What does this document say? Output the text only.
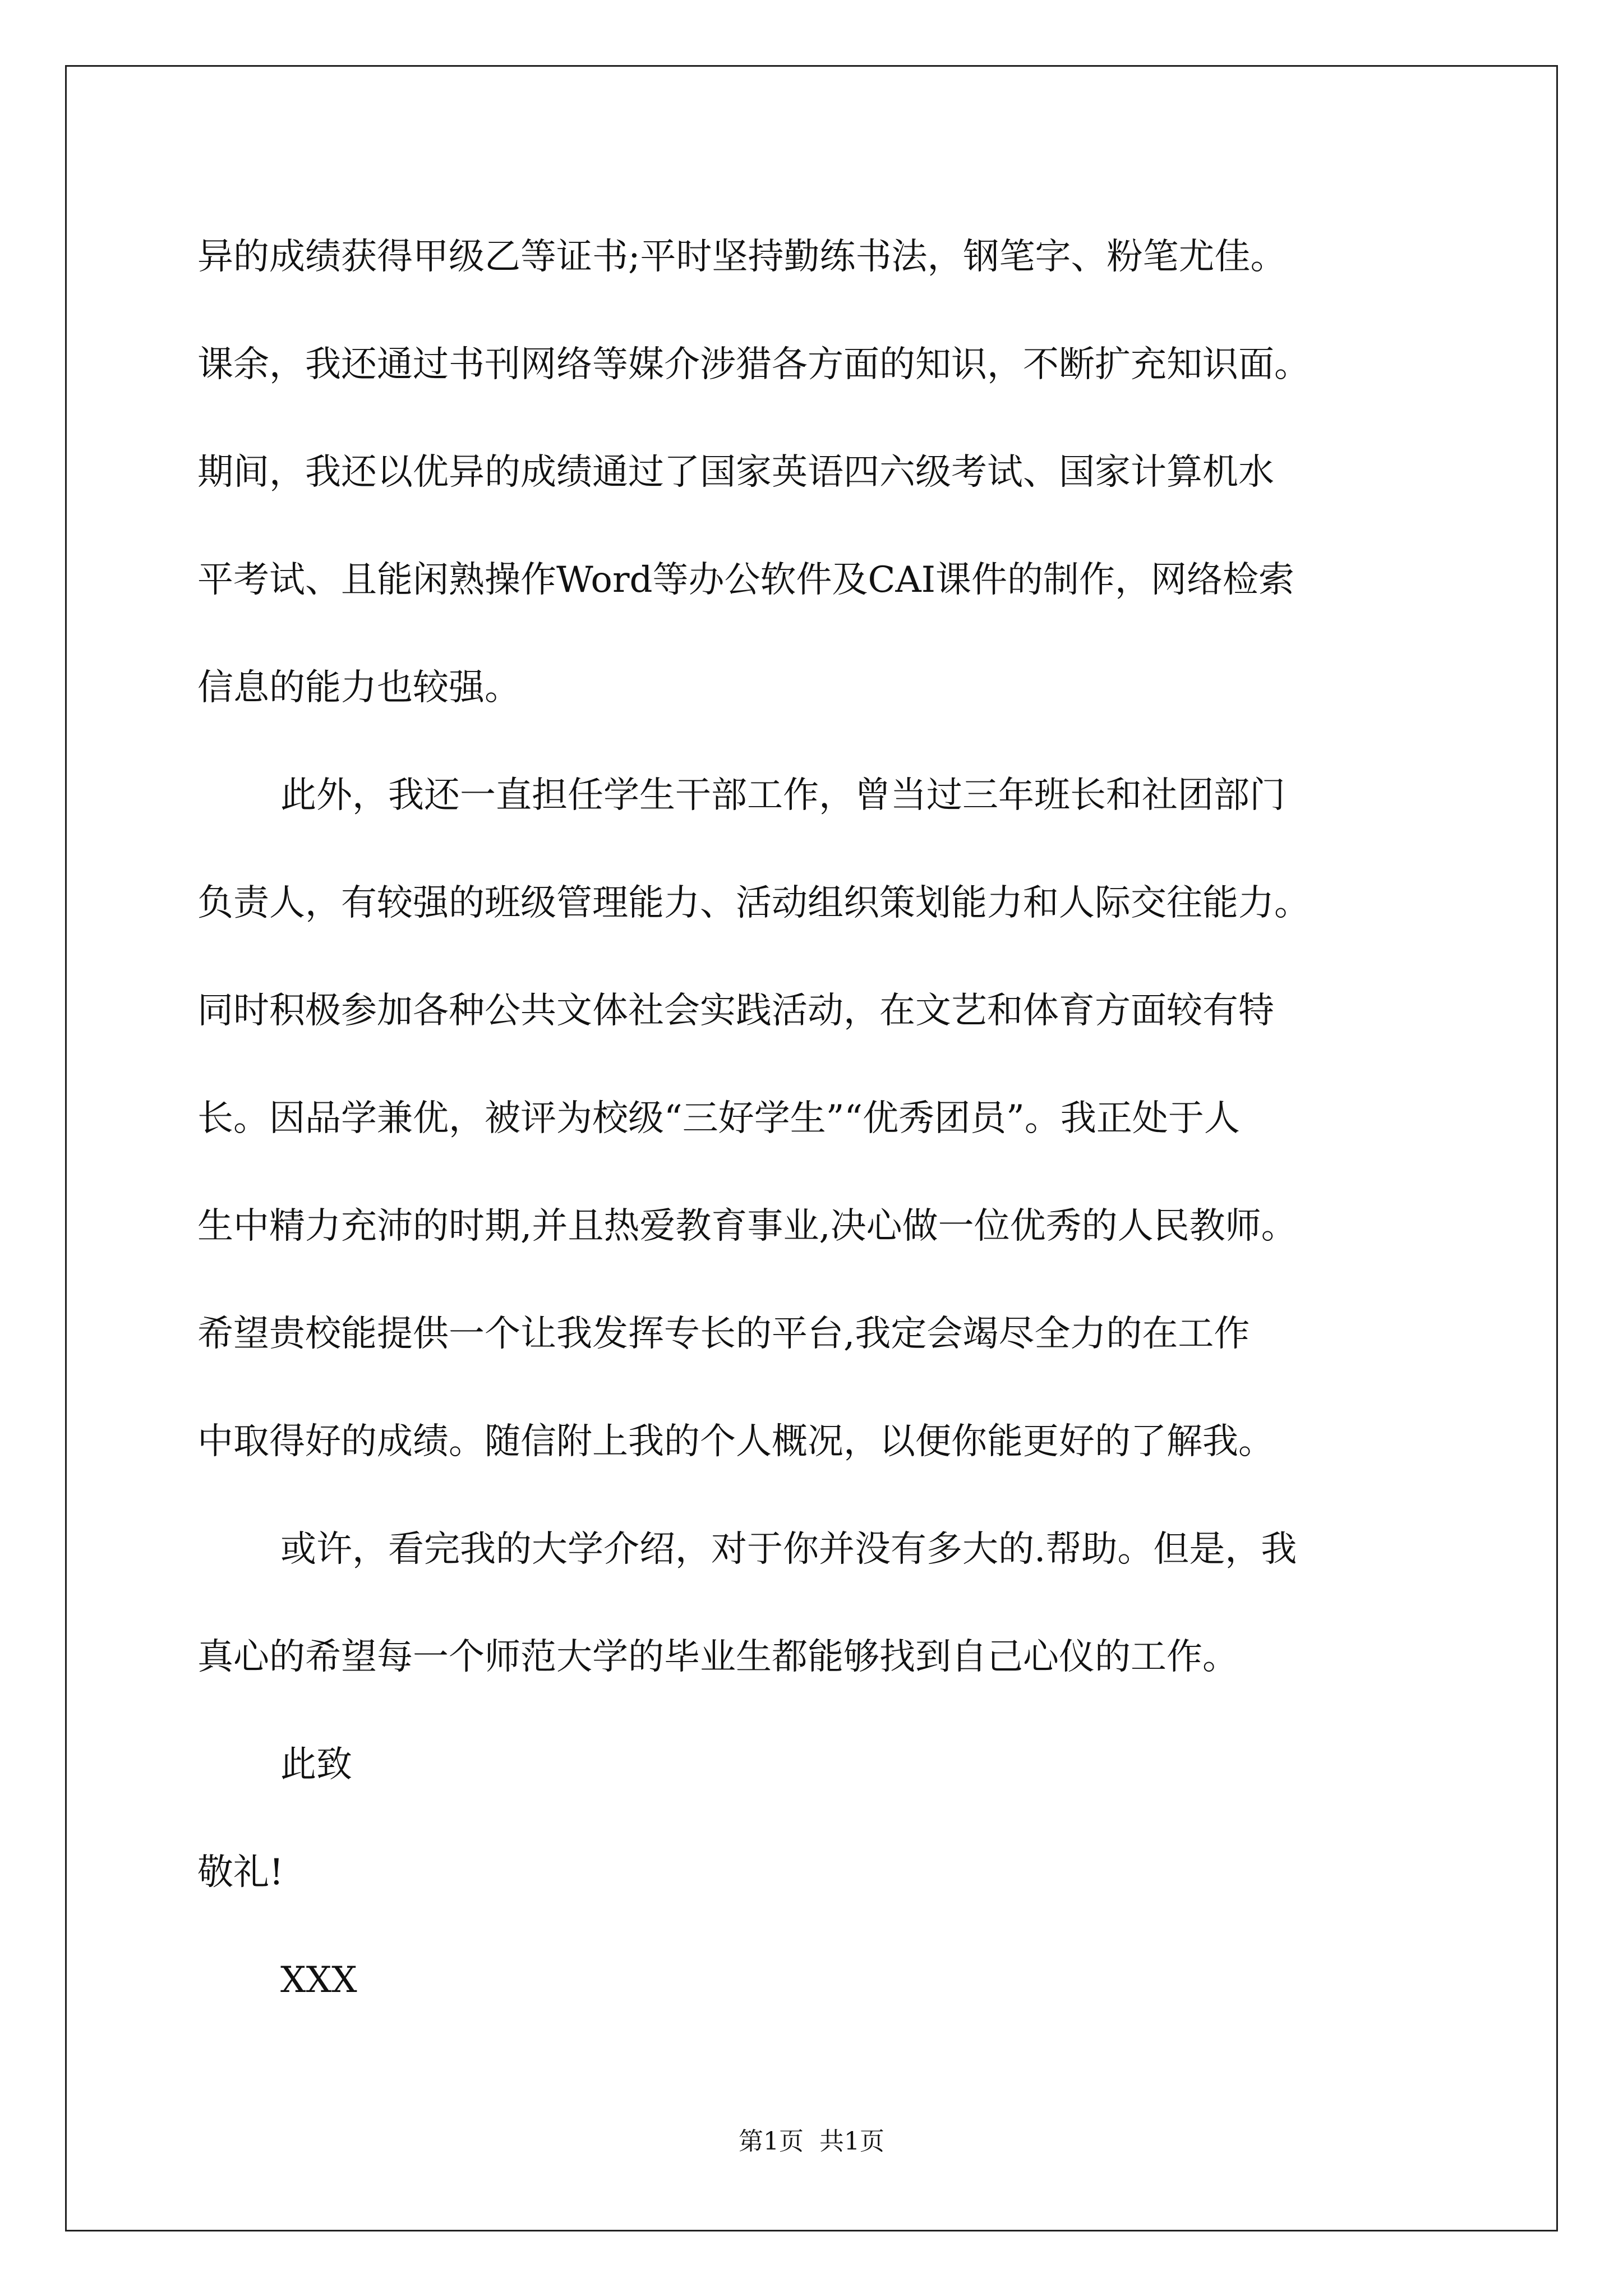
异的成绩获得甲级乙等证书;平时坚持勤练书法，钢笔字、粉笔尤佳。
课余，我还通过书刊网络等媒介涉猎各方面的知识，不断扩充知识面。
期间，我还以优异的成绩通过了国家英语四六级考试、国家计算机水
平考试、且能闲熟操作Word等办公软件及CAI课件的制作，网络检索
信息的能力也较强。
此外，我还一直担任学生干部工作，曾当过三年班长和社团部门
负责人，有较强的班级管理能力、活动组织策划能力和人际交往能力。
同时积极参加各种公共文体社会实践活动，在文艺和体育方面较有特
长。因品学兼优，被评为校级“三好学生”“优秀团员”。我正处于人
生中精力充沛的时期,并且热爱教育事业,决心做一位优秀的人民教师。
希望贵校能提供一个让我发挥专长的平台,我定会竭尽全力的在工作
中取得好的成绩。随信附上我的个人概况，以便你能更好的了解我。
或许，看完我的大学介绍，对于你并没有多大的.帮助。但是，我
真心的希望每一个师范大学的毕业生都能够找到自己心仪的工作。
此致
敬礼!
XXX
第1页  共1页
